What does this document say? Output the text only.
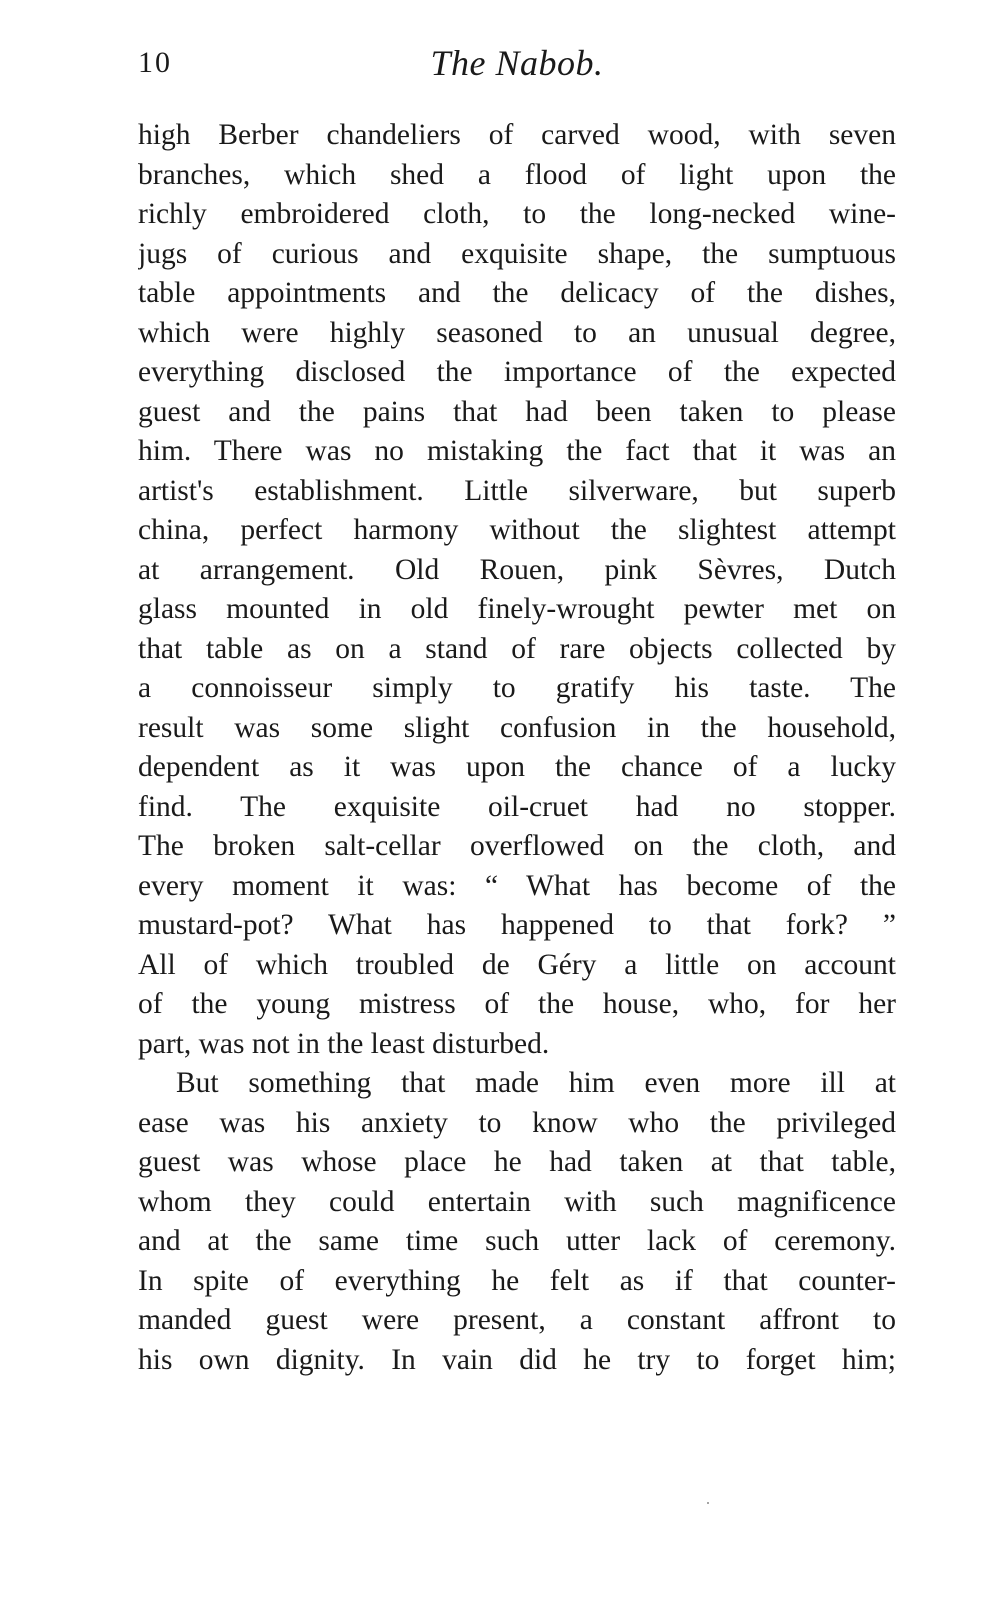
10	The Nabob.
high Berber chandeliers of carved wood, with seven
branches, which shed a flood of light upon the
richly embroidered cloth, to the long-necked wine-
jugs of curious and exquisite shape, the sumptuous
table appointments and the delicacy of the dishes,
which were highly seasoned to an unusual degree,
everything disclosed the importance of the expected
guest and the pains that had been taken to please
him. There was no mistaking the fact that it was an
artist's establishment. Little silverware, but superb
china, perfect harmony without the slightest attempt
at arrangement. Old Rouen, pink Sèvres, Dutch
glass mounted in old finely-wrought pewter met on
that table as on a stand of rare objects collected by
a connoisseur simply to gratify his taste. The
result was some slight confusion in the household,
dependent as it was upon the chance of a lucky
find. The exquisite oil-cruet had no stopper.
The broken salt-cellar overflowed on the cloth, and
every moment it was: “ What has become of the
mustard-pot? What has happened to that fork? ”
All of which troubled de Géry a little on account
of the young mistress of the house, who, for her
part, was not in the least disturbed.
But something that made him even more ill at
ease was his anxiety to know who the privileged
guest was whose place he had taken at that table,
whom they could entertain with such magnificence
and at the same time such utter lack of ceremony.
In spite of everything he felt as if that counter-
manded guest were present, a constant affront to
his own dignity. In vain did he try to forget him;
